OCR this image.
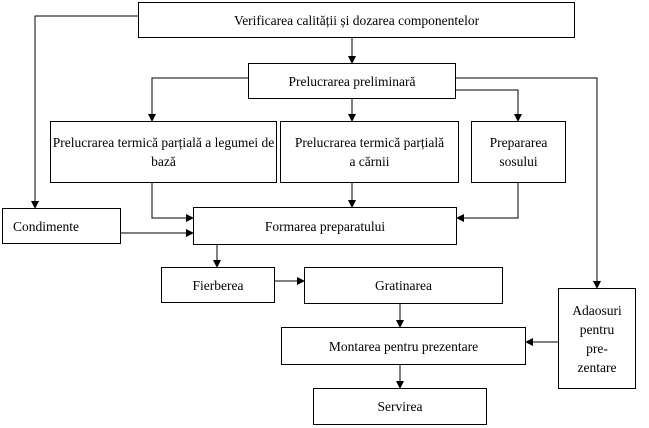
Verificarea calității și dozarea componentelor
Prelucrarea preliminară
Prelucrarea termică parțială a legumei de bază
Prelucrarea termică parțială a cărnii
Prepararea sosului
Condimente	Formarea preparatului
Fierberea	Gratinarea
Adaosuri pentru pre-zentare
Montarea pentru prezentare
Servirea
